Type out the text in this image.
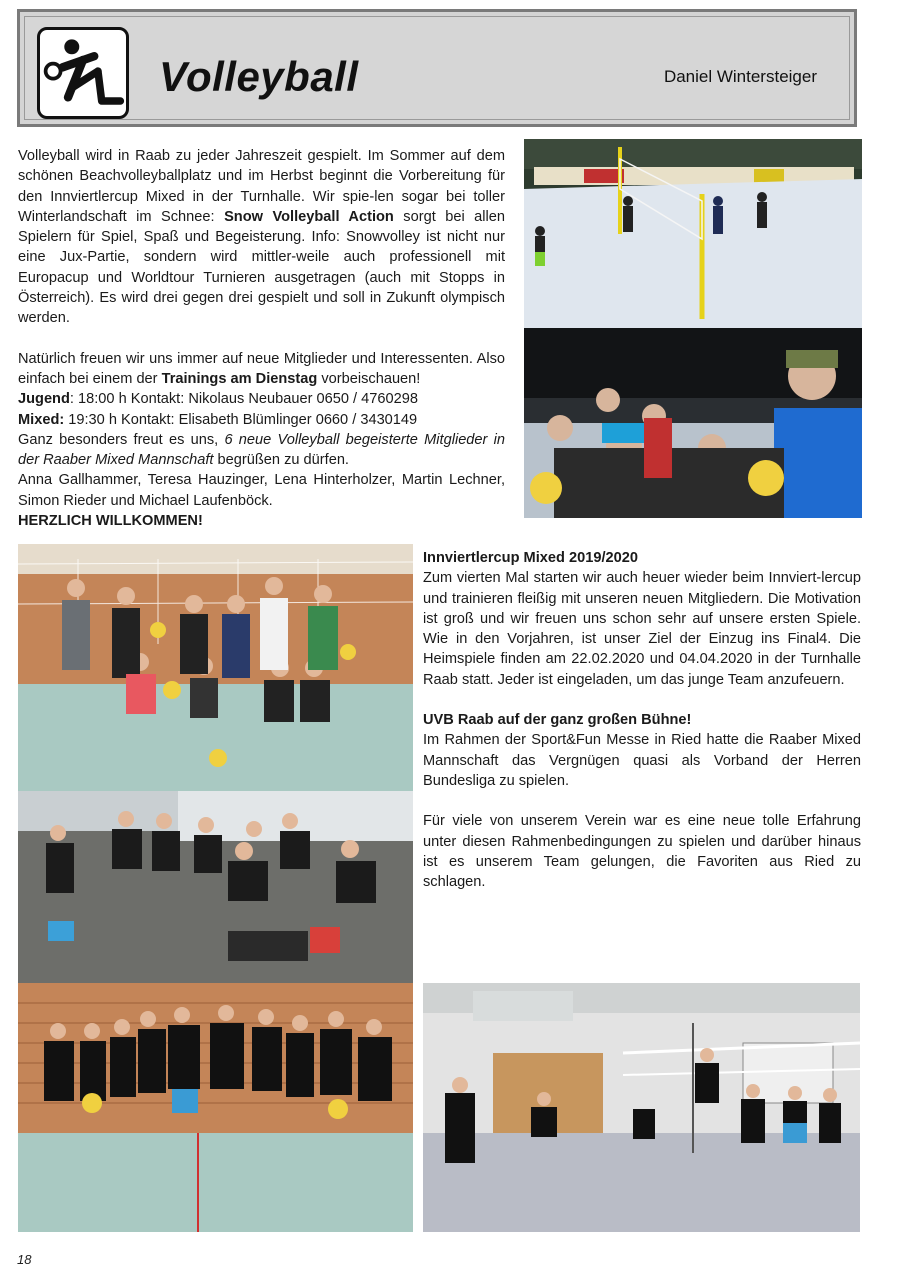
Volleyball	Daniel Wintersteiger

Volleyball wird in Raab zu jeder Jahreszeit gespielt. Im Sommer auf dem schönen Beachvolleyballplatz und im Herbst beginnt die Vorbereitung für den Innviertlercup Mixed in der Turnhalle. Wir spie-len sogar bei toller Winterlandschaft im Schnee: Snow Volleyball Action sorgt bei allen Spielern für Spiel, Spaß und Begeisterung. Info: Snowvolley ist nicht nur eine Jux-Partie, sondern wird mittler-weile auch professionell mit Europacup und Worldtour Turnieren ausgetragen (auch mit Stopps in Österreich). Es wird drei gegen drei gespielt und soll in Zukunft olympisch werden.

Natürlich freuen wir uns immer auf neue Mitglieder und Interessenten. Also einfach bei einem der Trainings am Dienstag vorbeischauen!

Jugend: 18:00 h Kontakt: Nikolaus Neubauer 0650 / 4760298

Mixed: 19:30 h Kontakt: Elisabeth Blümlinger 0660 / 3430149

Ganz besonders freut es uns, 6 neue Volleyball begeisterte Mitglieder in der Raaber Mixed Mannschaft begrüßen zu dürfen.

Anna Gallhammer, Teresa Hauzinger, Lena Hinterholzer, Martin Lechner, Simon Rieder und Michael Laufenböck.

HERZLICH WILLKOMMEN!

Innviertlercup Mixed 2019/2020

Zum vierten Mal starten wir auch heuer wieder beim Innviert-lercup und trainieren fleißig mit unseren neuen Mitgliedern. Die Motivation ist groß und wir freuen uns schon sehr auf unsere ersten Spiele. Wie in den Vorjahren, ist unser Ziel der Einzug ins Final4. Die Heimspiele finden am 22.02.2020 und 04.04.2020 in der Turnhalle Raab statt. Jeder ist eingeladen, um das junge Team anzufeuern.

UVB Raab auf der ganz großen Bühne!

Im Rahmen der Sport&Fun Messe in Ried hatte die Raaber Mixed Mannschaft das Vergnügen quasi als Vorband der Herren Bundesliga zu spielen.

Für viele von unserem Verein war es eine neue tolle Erfahrung unter diesen Rahmenbedingungen zu spielen und darüber hinaus ist es unserem Team gelungen, die Favoriten aus Ried zu schlagen.

18
